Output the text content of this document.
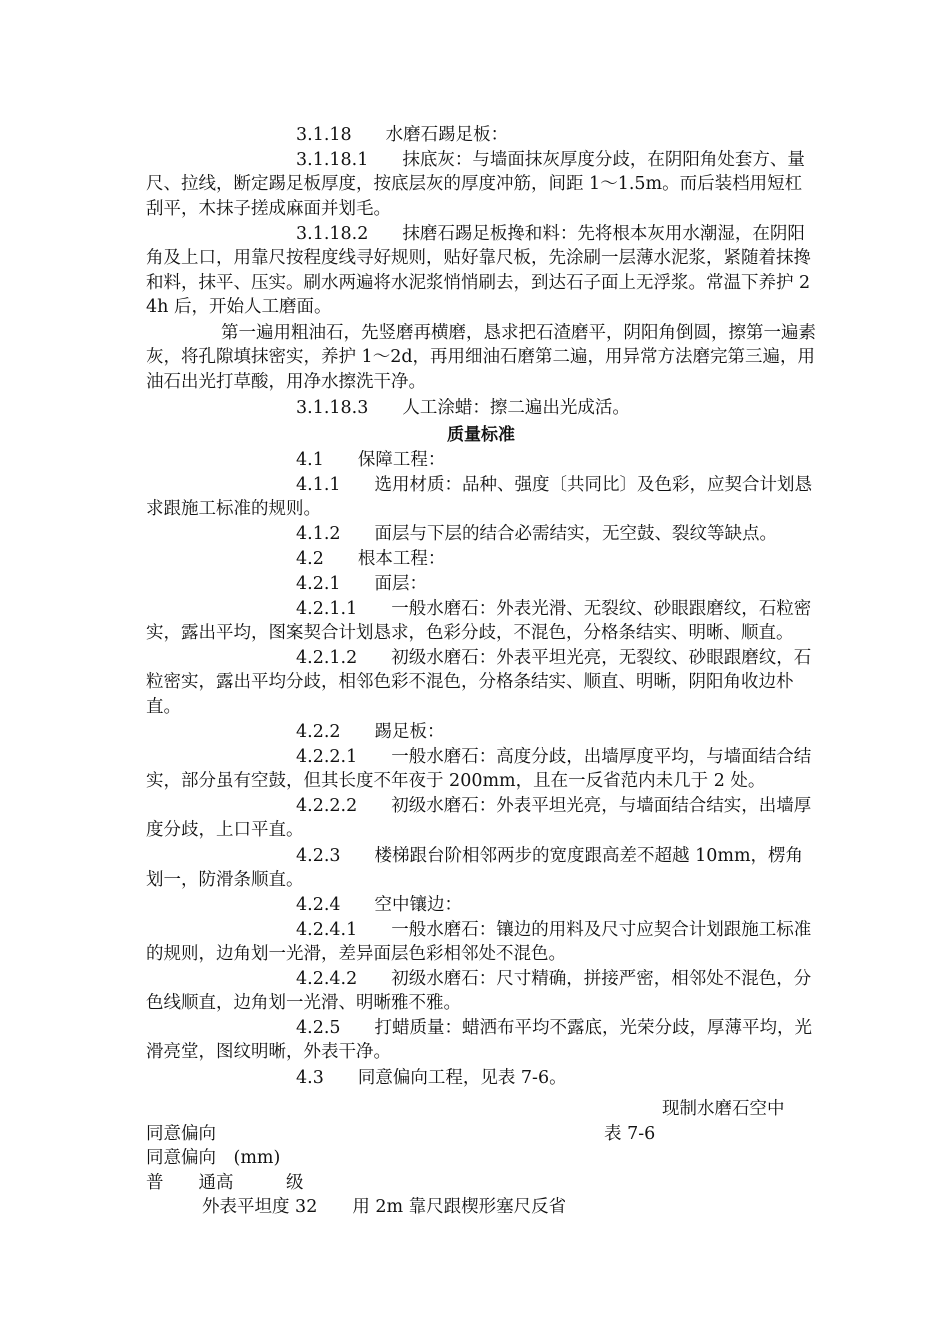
3.1.18 水磨石踢足板：

3.1.18.1 抹底灰：与墙面抹灰厚度分歧，在阴阳角处套方、量尺、拉线，断定踢足板厚度，按底层灰的厚度冲筋，间距 1～1.5m。而后装档用短杠刮平，木抹子搓成麻面并划毛。

3.1.18.2 抹磨石踢足板搀和料：先将根本灰用水潮湿，在阴阳角及上口，用靠尺按程度线寻好规则，贴好靠尺板，先涂刷一层薄水泥浆，紧随着抹搀和料，抹平、压实。刷水两遍将水泥浆悄悄刷去，到达石子面上无浮浆。常温下养护 24h 后，开始人工磨面。

第一遍用粗油石，先竖磨再横磨，恳求把石渣磨平，阴阳角倒圆，擦第一遍素灰，将孔隙填抹密实，养护 1～2d，再用细油石磨第二遍，用异常方法磨完第三遍，用油石出光打草酸，用净水擦洗干净。

3.1.18.3 人工涂蜡：擦二遍出光成活。

质量标准

4.1 保障工程：

4.1.1 选用材质：品种、强度〔共同比〕及色彩，应契合计划恳求跟施工标准的规则。

4.1.2 面层与下层的结合必需结实，无空鼓、裂纹等缺点。

4.2 根本工程：

4.2.1 面层：

4.2.1.1 一般水磨石：外表光滑、无裂纹、砂眼跟磨纹，石粒密实，露出平均，图案契合计划恳求，色彩分歧，不混色，分格条结实、明晰、顺直。

4.2.1.2 初级水磨石：外表平坦光亮，无裂纹、砂眼跟磨纹，石粒密实，露出平均分歧，相邻色彩不混色，分格条结实、顺直、明晰，阴阳角收边朴直。

4.2.2 踢足板：

4.2.2.1 一般水磨石：高度分歧，出墙厚度平均，与墙面结合结实，部分虽有空鼓，但其长度不年夜于 200mm，且在一反省范内未几于 2 处。

4.2.2.2 初级水磨石：外表平坦光亮，与墙面结合结实，出墙厚度分歧，上口平直。

4.2.3 楼梯跟台阶相邻两步的宽度跟高差不超越 10mm，楞角划一，防滑条顺直。

4.2.4 空中镶边：

4.2.4.1 一般水磨石：镶边的用料及尺寸应契合计划跟施工标准的规则，边角划一光滑，差异面层色彩相邻处不混色。

4.2.4.2 初级水磨石：尺寸精确，拼接严密，相邻处不混色，分色线顺直，边角划一光滑、明晰雅不雅。

4.2.5 打蜡质量：蜡洒布平均不露底，光荣分歧，厚薄平均，光滑亮堂，图纹明晰，外表干净。

4.3 同意偏向工程，见表 7-6。

现制水磨石空中
同意偏向	表 7-6
同意偏向　(mm)
普　　通高　　　级
外表平坦度 32　　用 2m 靠尺跟楔形塞尺反省
